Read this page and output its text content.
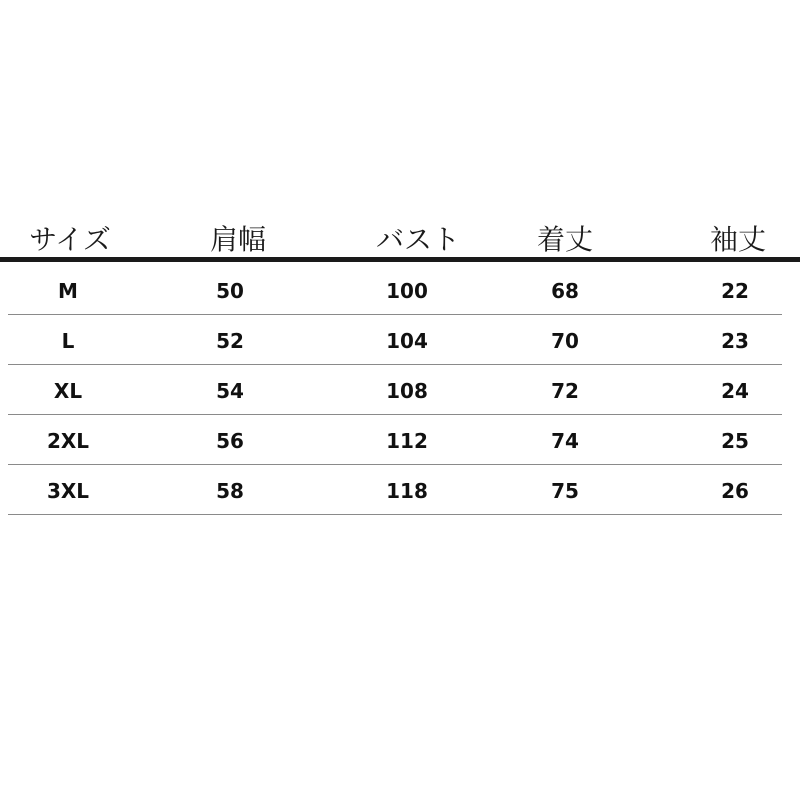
サイズ	肩幅	バスト	着丈	袖丈
M	50	100	68	22
L	52	104	70	23
XL	54	108	72	24
2XL	56	112	74	25
3XL	58	118	75	26
